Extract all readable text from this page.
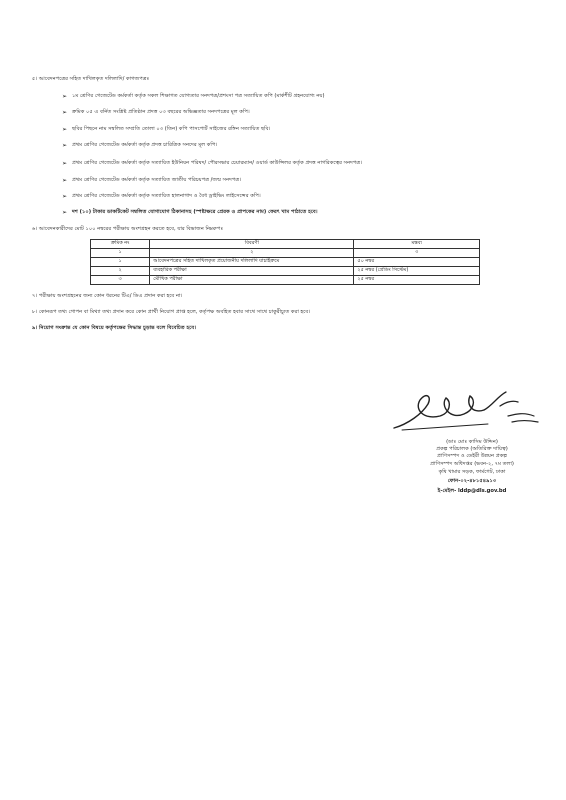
৫। আবেদনপত্রের সহিত দাখিলকৃত দলিলাদি/ কাগজপত্রঃ
➢ ১ম শ্রেণির গেজেটেড কর্মকর্তা কর্তৃক সকল শিক্ষাগত যোগ্যতার সনদপত্র/প্রশংসা পত্র সত্যায়িত কপি (মার্কশীট গ্রহনযোগ্য নয়)
➢ ক্রমিক ০৫ এ বর্নিত সংশ্লিষ্ট প্রতিষ্ঠান প্রদত্ত ০৩ বছরের অভিজ্ঞতার সনদপত্রের মূল কপি।
➢ ছবির পিছনে নাম সম্বলিত সম্প্রতি তোলা ০৩ (তিন) কপি পাসপোর্ট সাইজের রঙ্গিন সত্যায়িত ছবি।
➢ প্রথম শ্রেণির গেজেটেড কর্মকর্তা কর্তৃক প্রদত্ত চারিত্রিক সনদের মূল কপি।
➢ প্রথম শ্রেণির গেজেটেড কর্মকর্তা কর্তৃক সত্যায়িত ইউনিয়ন পরিষদ/ পৌরসভার চেয়ারম্যান/ ওয়ার্ড কাউন্সিলর কর্তৃক প্রদত্ত নাগরিকত্বের সনদপত্র।
➢ প্রথম শ্রেণির গেজেটেড কর্মকর্তা কর্তৃক সত্যায়িত জাতীয় পরিচয়পত্র /জন্ম সনদপত্র।
➢ প্রথম শ্রেণির গেজেটেড কর্মকর্তা কর্তৃক সত্যায়িত হালনাগাদ ও বৈধ ড্রাইভিং লাইসেন্সের কপি।
➢ দশ (১০) টাকার ডাকটিকেট সম্বলিত যোগাযোগ ঠিকানাসহ (স্পষ্টাক্ষরে প্রেরক ও প্রাপকের নাম) ফেরৎ খাম পাঠাতে হবে।
৬। আবেদনকারীদের মোট ১০০ নম্বরের পরীক্ষায় অংশগ্রহন করতে হবে, যার বিভাজন নিম্নরুপঃ
ক্রমিক নং	বিবরণী	মন্তব্য
১	২	৩
১	আবেদনপত্রের সহিত দাখিলকৃত প্রয়োজনীয় দলিলাদি যাচাইক্রমে	৫০ নম্বর
২	ব্যবহারিক পরীক্ষা	২৫ নম্বর (গ্রেডিং সিস্টেম)
৩	মৌখিক পরীক্ষা	২৫ নম্বর
৭। পরীক্ষায় অংশগ্রহনের জন্য কোন ধরনের টিএ/ ডিএ প্রদান করা হবে না।
৮। কোনরূপ তথ্য গোপন বা মিথ্যা তথ্য প্রদান করে কোন প্রার্থী নিয়োগ প্রাপ্ত হলে, কর্তৃপক্ষ অবহিত হবার সাথে সাথে চাকুরীচ্যুত করা হবে।
৯। নিয়োগ সংক্রান্ত যে কোন বিষয়ে কর্তৃপক্ষের সিদ্ধান্ত চুড়ান্ত বলে বিবেচিত হবে।
(ডাঃ মোঃ কাসিম উদ্দিন)
প্রকল্প পরিচালক (অতিরিক্ত দায়িত্ব)
প্রাণিসম্পদ ও ডেইরী উন্নয়ন প্রকল্প
প্রাণিসম্পদ অধিদপ্তর (ভবন-২, ৭ম তলা)
কৃষি খামার সড়ক, ফার্মগেট, ঢাকা
ফোন-০২-৪৮১৫৪৯১৩
ই-মেইল- lddp@dls.gov.bd
